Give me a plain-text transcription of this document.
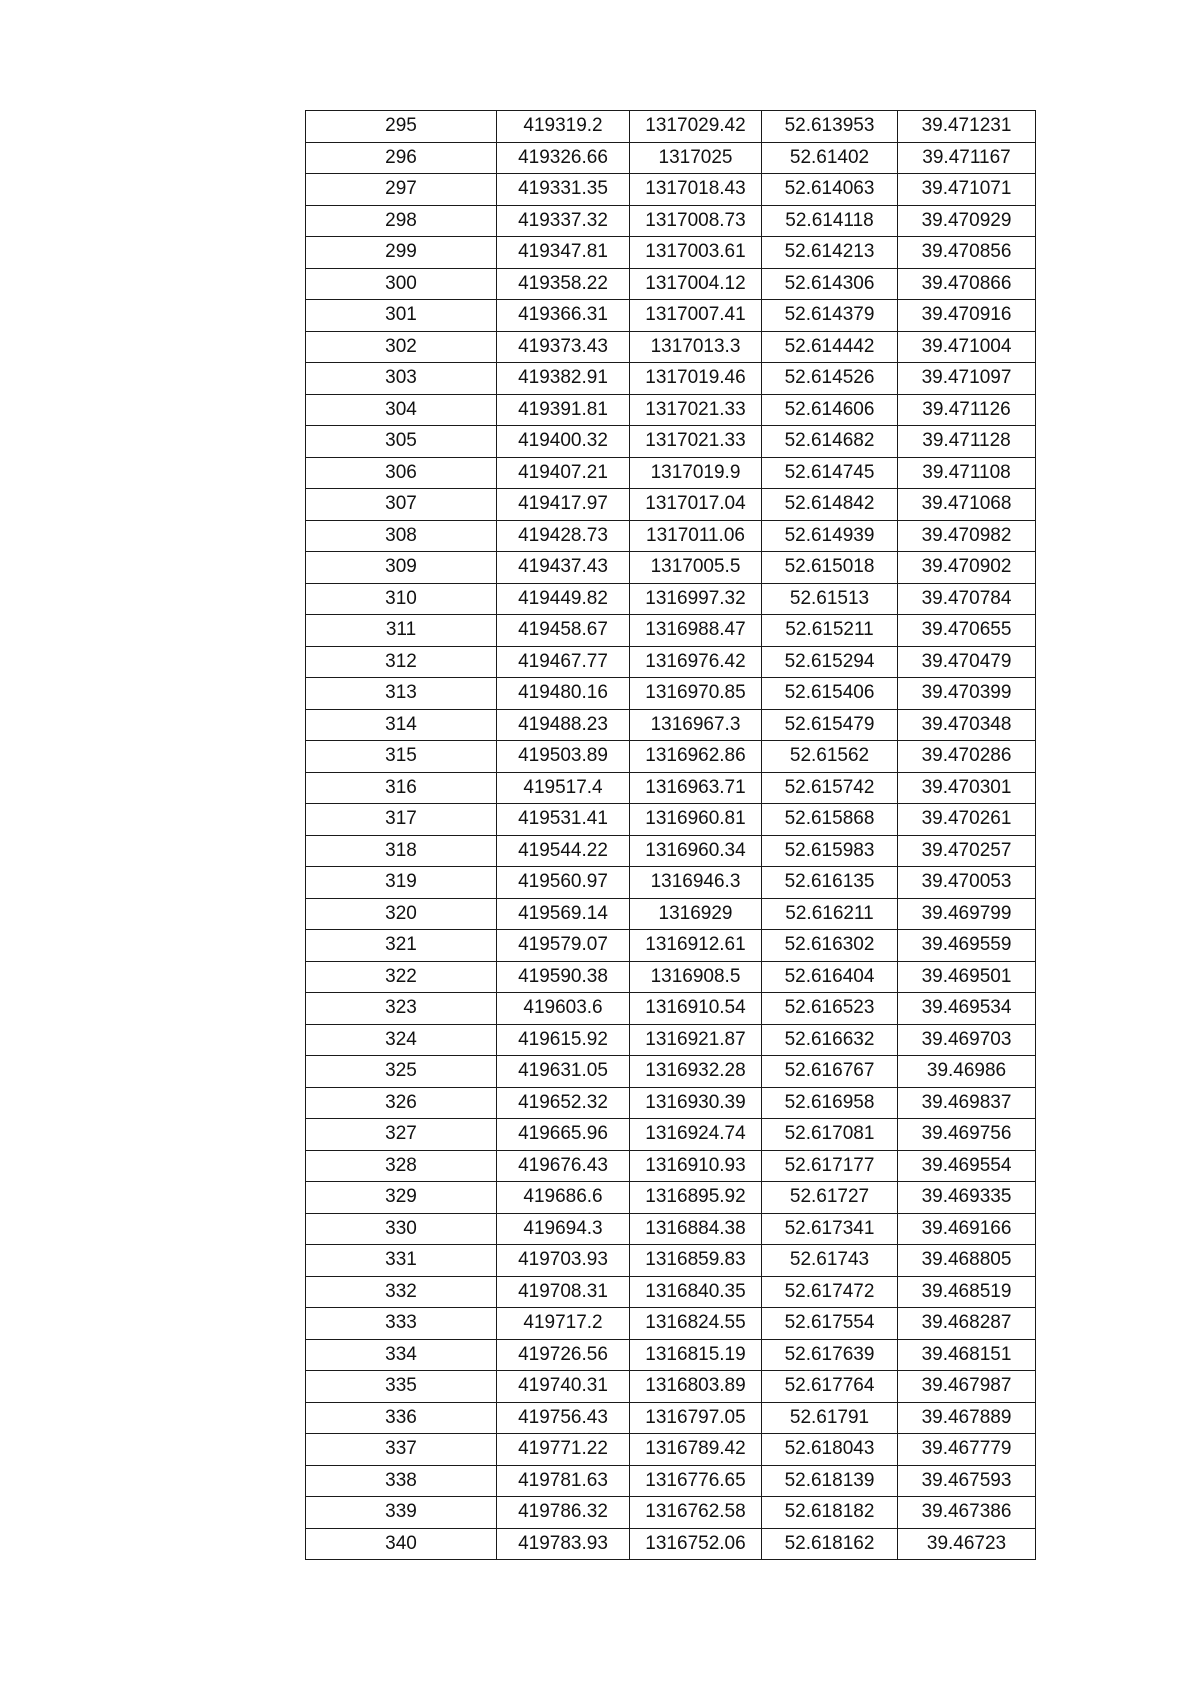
295	419319.2	1317029.42	52.613953	39.471231
296	419326.66	1317025	52.61402	39.471167
297	419331.35	1317018.43	52.614063	39.471071
298	419337.32	1317008.73	52.614118	39.470929
299	419347.81	1317003.61	52.614213	39.470856
300	419358.22	1317004.12	52.614306	39.470866
301	419366.31	1317007.41	52.614379	39.470916
302	419373.43	1317013.3	52.614442	39.471004
303	419382.91	1317019.46	52.614526	39.471097
304	419391.81	1317021.33	52.614606	39.471126
305	419400.32	1317021.33	52.614682	39.471128
306	419407.21	1317019.9	52.614745	39.471108
307	419417.97	1317017.04	52.614842	39.471068
308	419428.73	1317011.06	52.614939	39.470982
309	419437.43	1317005.5	52.615018	39.470902
310	419449.82	1316997.32	52.61513	39.470784
311	419458.67	1316988.47	52.615211	39.470655
312	419467.77	1316976.42	52.615294	39.470479
313	419480.16	1316970.85	52.615406	39.470399
314	419488.23	1316967.3	52.615479	39.470348
315	419503.89	1316962.86	52.61562	39.470286
316	419517.4	1316963.71	52.615742	39.470301
317	419531.41	1316960.81	52.615868	39.470261
318	419544.22	1316960.34	52.615983	39.470257
319	419560.97	1316946.3	52.616135	39.470053
320	419569.14	1316929	52.616211	39.469799
321	419579.07	1316912.61	52.616302	39.469559
322	419590.38	1316908.5	52.616404	39.469501
323	419603.6	1316910.54	52.616523	39.469534
324	419615.92	1316921.87	52.616632	39.469703
325	419631.05	1316932.28	52.616767	39.46986
326	419652.32	1316930.39	52.616958	39.469837
327	419665.96	1316924.74	52.617081	39.469756
328	419676.43	1316910.93	52.617177	39.469554
329	419686.6	1316895.92	52.61727	39.469335
330	419694.3	1316884.38	52.617341	39.469166
331	419703.93	1316859.83	52.61743	39.468805
332	419708.31	1316840.35	52.617472	39.468519
333	419717.2	1316824.55	52.617554	39.468287
334	419726.56	1316815.19	52.617639	39.468151
335	419740.31	1316803.89	52.617764	39.467987
336	419756.43	1316797.05	52.61791	39.467889
337	419771.22	1316789.42	52.618043	39.467779
338	419781.63	1316776.65	52.618139	39.467593
339	419786.32	1316762.58	52.618182	39.467386
340	419783.93	1316752.06	52.618162	39.46723
